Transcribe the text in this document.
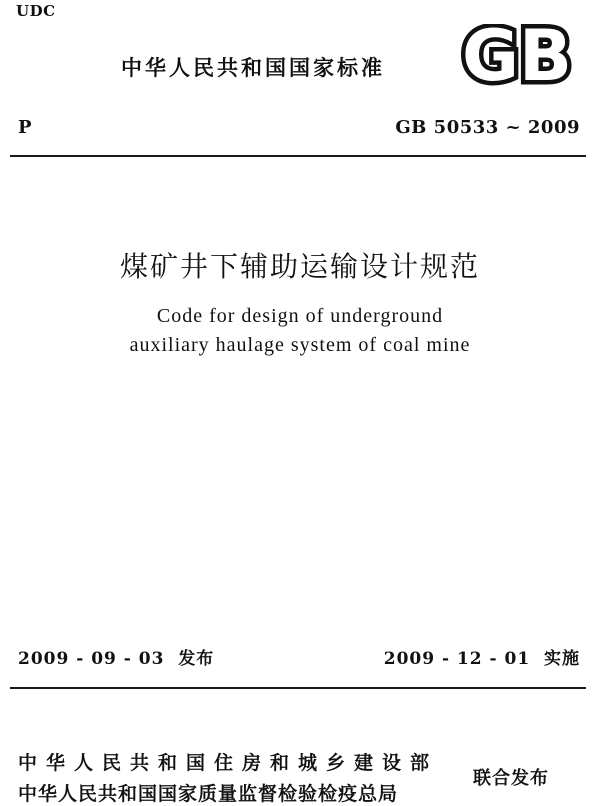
UDC
中华人民共和国国家标准 GB
P	GB 50533 ~ 2009
煤矿井下辅助运输设计规范
Code for design of underground
auxiliary haulage system of coal mine
2009 - 09 - 03 发布	2009 - 12 - 01 实施
中华人民共和国住房和城乡建设部
中华人民共和国国家质量监督检验检疫总局
联合发布
